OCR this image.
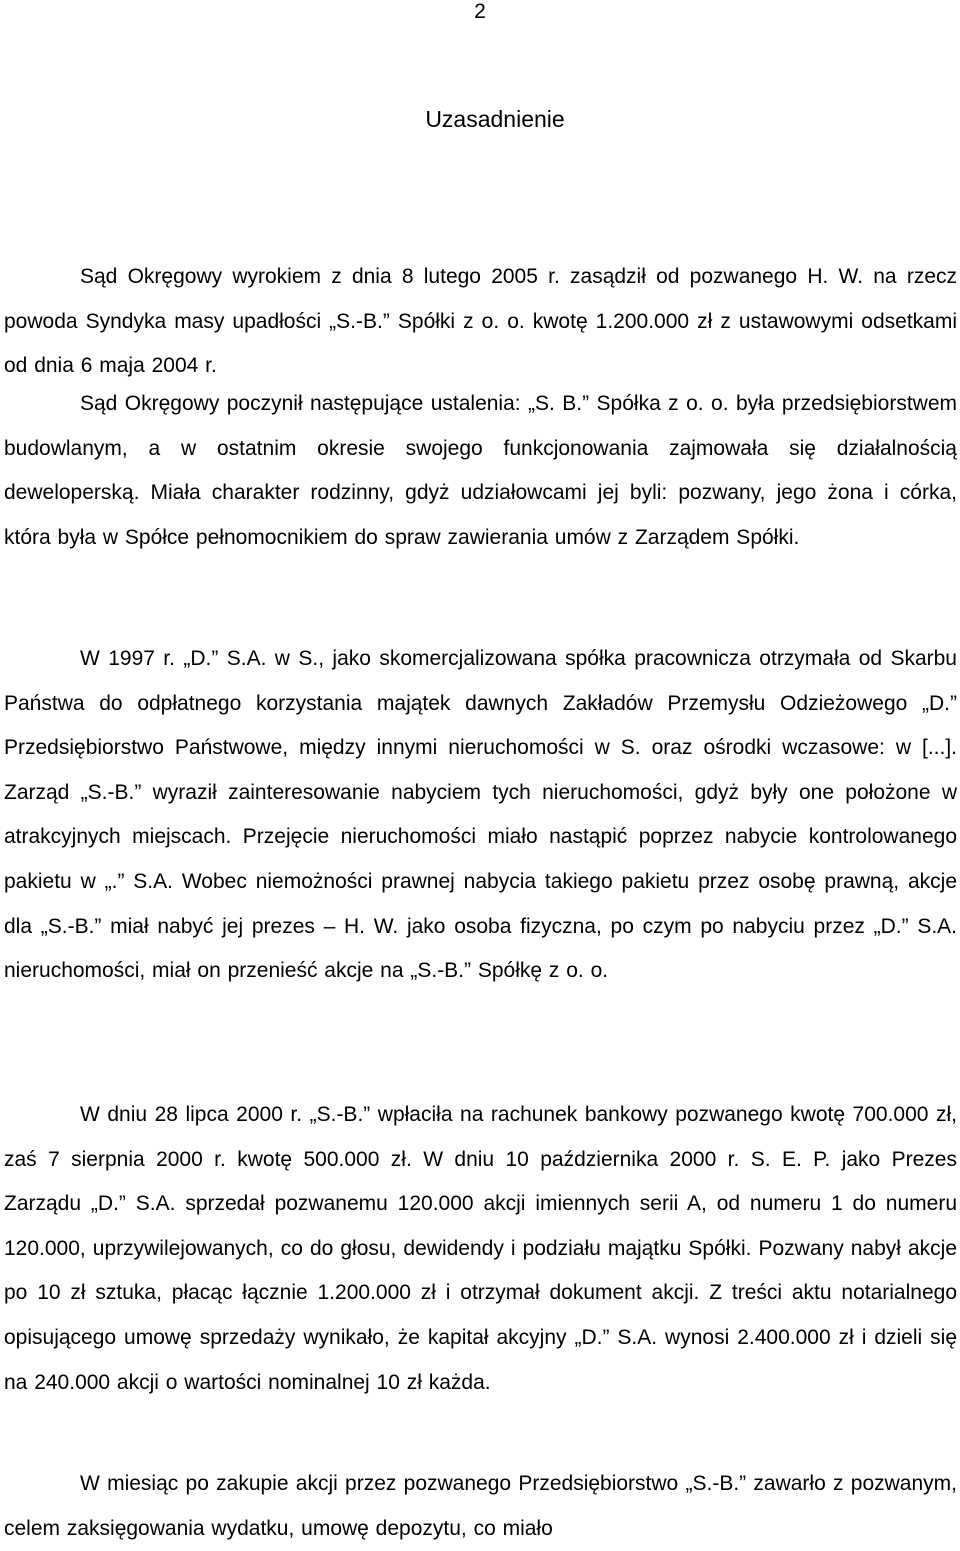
2
Uzasadnienie

Sąd Okręgowy wyrokiem z dnia 8 lutego 2005 r. zasądził od pozwanego H. W. na rzecz powoda Syndyka masy upadłości „S.-B.” Spółki z o. o. kwotę 1.200.000 zł z ustawowymi odsetkami od dnia 6 maja 2004 r.

Sąd Okręgowy poczynił następujące ustalenia: „S. B.” Spółka z o. o. była przedsiębiorstwem budowlanym, a w ostatnim okresie swojego funkcjonowania zajmowała się działalnością deweloperską. Miała charakter rodzinny, gdyż udziałowcami jej byli: pozwany, jego żona i córka, która była w Spółce pełnomocnikiem do spraw zawierania umów z Zarządem Spółki.

W 1997 r. „D.” S.A. w S., jako skomercjalizowana spółka pracownicza otrzymała od Skarbu Państwa do odpłatnego korzystania majątek dawnych Zakładów Przemysłu Odzieżowego „D.” Przedsiębiorstwo Państwowe, między innymi nieruchomości w S. oraz ośrodki wczasowe: w [...]. Zarząd „S.-B.” wyraził zainteresowanie nabyciem tych nieruchomości, gdyż były one położone w atrakcyjnych miejscach. Przejęcie nieruchomości miało nastąpić poprzez nabycie kontrolowanego pakietu w „.” S.A. Wobec niemożności prawnej nabycia takiego pakietu przez osobę prawną, akcje dla „S.-B.” miał nabyć jej prezes – H. W. jako osoba fizyczna, po czym po nabyciu przez „D.” S.A. nieruchomości, miał on przenieść akcje na „S.-B.” Spółkę z o. o.

W dniu 28 lipca 2000 r. „S.-B.” wpłaciła na rachunek bankowy pozwanego kwotę 700.000 zł, zaś 7 sierpnia 2000 r. kwotę 500.000 zł. W dniu 10 października 2000 r. S. E. P. jako Prezes Zarządu „D.” S.A. sprzedał pozwanemu 120.000 akcji imiennych serii A, od numeru 1 do numeru 120.000, uprzywilejowanych, co do głosu, dewidendy i podziału majątku Spółki. Pozwany nabył akcje po 10 zł sztuka, płacąc łącznie 1.200.000 zł i otrzymał dokument akcji. Z treści aktu notarialnego opisującego umowę sprzedaży wynikało, że kapitał akcyjny „D.” S.A. wynosi 2.400.000 zł i dzieli się na 240.000 akcji o wartości nominalnej 10 zł każda.

W miesiąc po zakupie akcji przez pozwanego Przedsiębiorstwo „S.-B.” zawarło z pozwanym, celem zaksięgowania wydatku, umowę depozytu, co miało
